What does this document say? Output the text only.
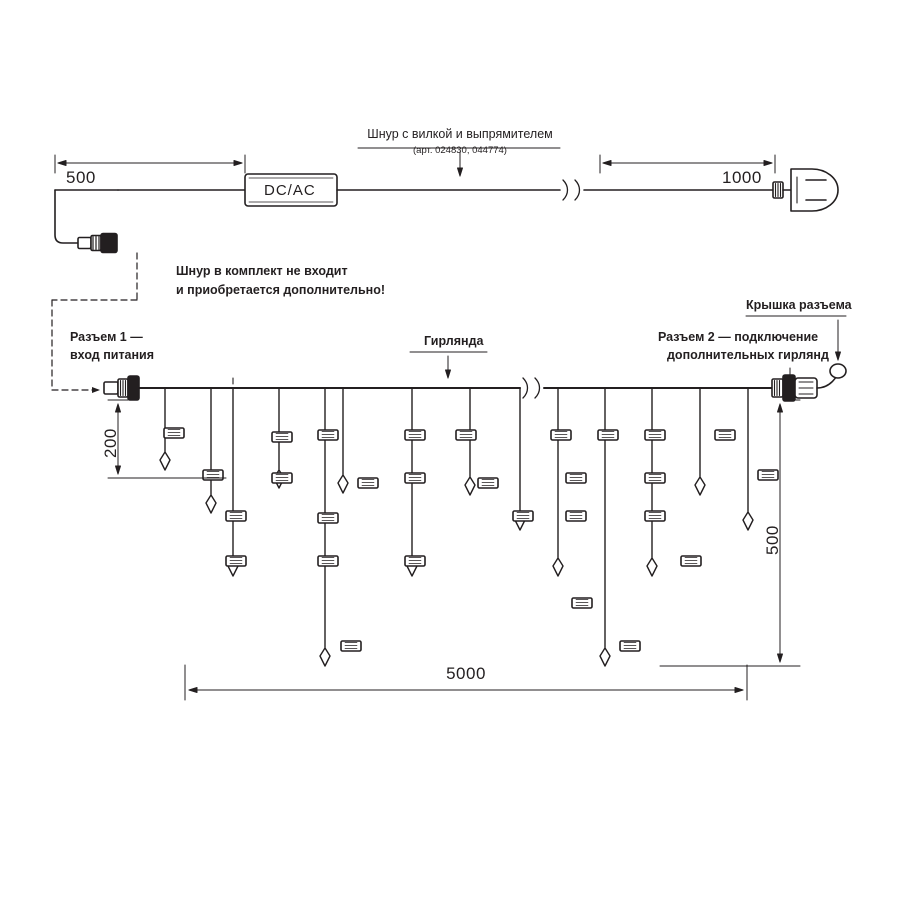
DC/AC
500	1000
Шнур с вилкой и выпрямителем
(арт. 024830, 044774)
Шнур в комплект не входит
и приобретается дополнительно!
Разъем 1 —
вход питания
Разъем 2 — подключение
дополнительных гирлянд
Крышка разъема
Гирлянда
200
500
5000
